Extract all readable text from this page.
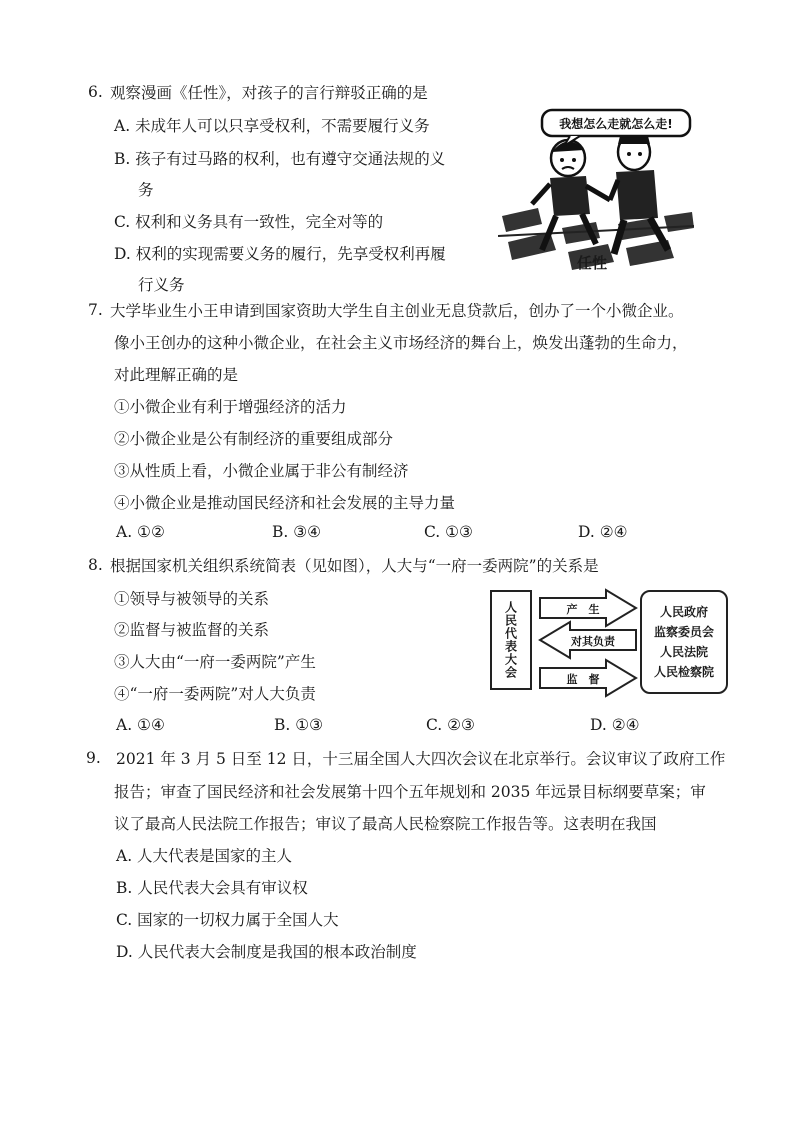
6. 观察漫画《任性》，对孩子的言行辩驳正确的是
A. 未成年人可以只享受权利，不需要履行义务
B. 孩子有过马路的权利，也有遵守交通法规的义
务
C. 权利和义务具有一致性，完全对等的
D. 权利的实现需要义务的履行，先享受权利再履
行义务
我想怎么走就怎么走!
任性
7. 大学毕业生小王申请到国家资助大学生自主创业无息贷款后，创办了一个小微企业。
像小王创办的这种小微企业，在社会主义市场经济的舞台上，焕发出蓬勃的生命力，
对此理解正确的是
①小微企业有利于增强经济的活力
②小微企业是公有制经济的重要组成部分
③从性质上看，小微企业属于非公有制经济
④小微企业是推动国民经济和社会发展的主导力量
A. ①②	B. ③④	C. ①③	D. ②④
8. 根据国家机关组织系统简表（见如图），人大与“一府一委两院”的关系是
①领导与被领导的关系
②监督与被监督的关系
③人大由“一府一委两院”产生
④“一府一委两院”对人大负责
A. ①④	B. ①③	C. ②③	D. ②④
人民代表大会	产　生
对其负责
监　督
人民政府
监察委员会
人民法院
人民检察院
9. 2021 年 3 月 5 日至 12 日，十三届全国人大四次会议在北京举行。会议审议了政府工作
报告；审查了国民经济和社会发展第十四个五年规划和 2035 年远景目标纲要草案；审
议了最高人民法院工作报告；审议了最高人民检察院工作报告等。这表明在我国
A. 人大代表是国家的主人
B. 人民代表大会具有审议权
C. 国家的一切权力属于全国人大
D. 人民代表大会制度是我国的根本政治制度
